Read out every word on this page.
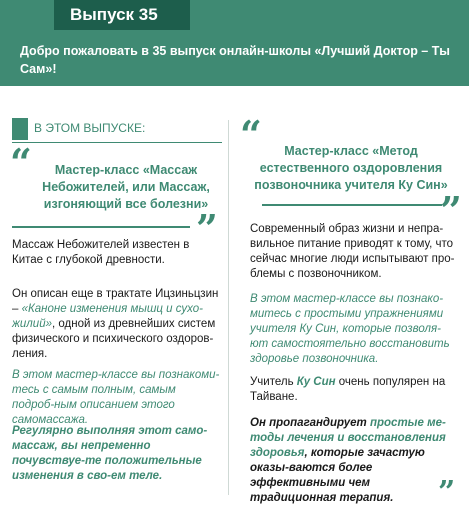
Выпуск 35
Добро пожаловать в 35 выпуск онлайн-школы «Лучший Доктор – Ты Сам»!
В ЭТОМ ВЫПУСКЕ:
“	Мастер-класс «Массаж Небожителей, или Массаж, изгоняющий все болезни»
”

Массаж Небожителей известен в Китае с глубокой древности.

Он описан еще в трактате Ицзиньцзин – «Каноне изменения мышц и сухо-жилий», одной из древнейших систем физического и психического оздоров-ления.

В этом мастер-классе вы познакоми-тесь с самым полным, самым подроб-ным описанием этого самомассажа.

Регулярно выполняя этот само-массаж, вы непременно почувствуе-те положительные изменения в сво-ем теле.

“	Мастер-класс «Метод естественного оздоровления позвоночника учителя Ку Син»
”

Современный образ жизни и непра-вильное питание приводят к тому, что сейчас многие люди испытывают про-блемы с позвоночником.

В этом мастер-классе вы познако-митесь с простыми упражнениями учителя Ку Син, которые позволя-ют самостоятельно восстановить здоровье позвоночника.

Учитель Ку Син очень популярен на Тайване.

Он пропагандирует простые ме-тоды лечения и восстановления здоровья, которые зачастую оказы-ваются более эффективными чем традиционная терапия.	”
